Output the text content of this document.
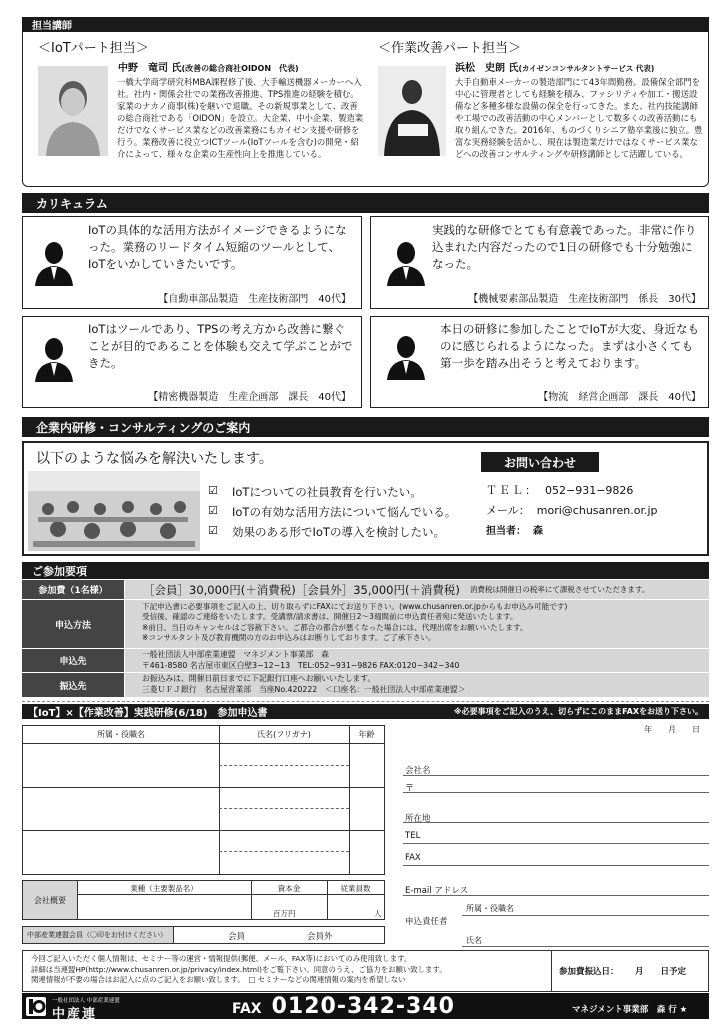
担当講師
＜IoTパート担当＞
中野　竜司 氏(改善の総合商社OIDON　代表)
一橋大学商学研究科MBA課程修了後、大手輸送機器メーカーへ入社。社内・関係会社での業務改善推進、TPS推進の経験を積む。家業のナカノ商事(株)を継いで退職。その新規事業として、改善の総合商社である「OIDON」を設立。大企業、中小企業、製造業だけでなくサービス業などの改善業務にもカイゼン支援や研修を行う。業務改善に役立つICTツール(IoTツールを含む)の開発・紹介によって、様々な企業の生産性向上を推進している。
＜作業改善パート担当＞
浜松　史朗 氏(カイゼンコンサルタントサービス 代表)
大手自動車メーカーの製造部門にて43年間勤務。設備保全部門を中心に管理者としても経験を積み、ファシリティや加工・搬送設備など多種多様な設備の保全を行ってきた。また、社内技能講師や工場での改善活動の中心メンバーとして数多くの改善活動にも取り組んできた。2016年、ものづくりシニア塾卒業後に独立。豊富な実務経験を活かし、現在は製造業だけではなくサービス業などへの改善コンサルティングや研修講師として活躍している。
カリキュラム
IoTの具体的な活用方法がイメージできるようになった。業務のリードタイム短縮のツールとして、IoTをいかしていきたいです。
【自動車部品製造　生産技術部門　40代】
実践的な研修でとても有意義であった。非常に作り込まれた内容だったので1日の研修でも十分勉強になった。
【機械要素部品製造　生産技術部門　係長　30代】
IoTはツールであり、TPSの考え方から改善に繋ぐことが目的であることを体験も交えて学ぶことができた。
【精密機器製造　生産企画部　課長　40代】
本日の研修に参加したことでIoTが大変、身近なものに感じられるようになった。まずは小さくても第一歩を踏み出そうと考えております。
【物流　経営企画部　課長　40代】
企業内研修・コンサルティングのご案内
以下のような悩みを解決いたします。
☑ IoTについての社員教育を行いたい。
☑ IoTの有効な活用方法について悩んでいる。
☑ 効果のある形でIoTの導入を検討したい。
お問い合わせ
ＴＥＬ： 052−931−9826
メール： mori@chusanren.or.jp
担当者： 森
ご参加要項
参加費（1名様）	［会員］30,000円(＋消費税)［会員外］35,000円(＋消費税) 消費税は開催日の税率にて課税させていただきます。
申込方法
下記申込書に必要事項をご記入の上、切り取らずにFAXにてお送り下さい。(www.chusanren.or.jpからもお申込み可能です)
受信後、確認のご連絡をいたします。受講票/請求書は、開催日2〜3週間前に申込責任者宛に発送いたします。
※前日、当日のキャンセルはご容赦下さい。ご都合の都合が悪くなった場合には、代理出席をお願いいたします。
※コンサルタント及び教育機関の方のお申込みはお断りしております。ご了承下さい。
申込先
一般社団法人中部産業連盟　マネジメント事業部　森
〒461-8580 名古屋市東区白壁3−12−13　TEL:052−931−9826 FAX:0120−342−340
振込先
お振込みは、開催日前日までに下記銀行口座へお願いいたします。
三菱ＵＦＪ銀行　名古屋営業部　当座No.420222　＜口座名：一般社団法人中部産業連盟＞
【IoT】×【作業改善】実践研修(6/18)　参加申込書	※必要事項をご記入のうえ、切らずにこのままFAXをお送り下さい。
年　　月　　日
所属・役職名	氏名(フリガナ)	年齢
会社概要
業種（主要製品名）	資本金	従業員数
百万円	人
中部産業連盟会員（〇印をお付けください）	会員	会員外
会社名
〒
所在地
TEL
FAX
E-mail アドレス
申込責任者
所属・役職名
氏名
今回ご記入いただく個人情報は、セミナー等の運営・情報提供(郵便、メール、FAX等)においてのみ使用致します。
詳細は当連盟HP(http://www.chusanren.or.jp/privacy/index.html)をご覧下さい。同意のうえ、ご協力をお願い致します。
関連情報が不要の場合はお記入に点のご記入をお願い致します。　□ セミナーなどの関連情報の案内を希望しない
参加費振込日： 月　　日予定
一般社団法人 中部産業連盟
中産連	FAX 0120-342-340	マネジメント事業部　森 行 ★
